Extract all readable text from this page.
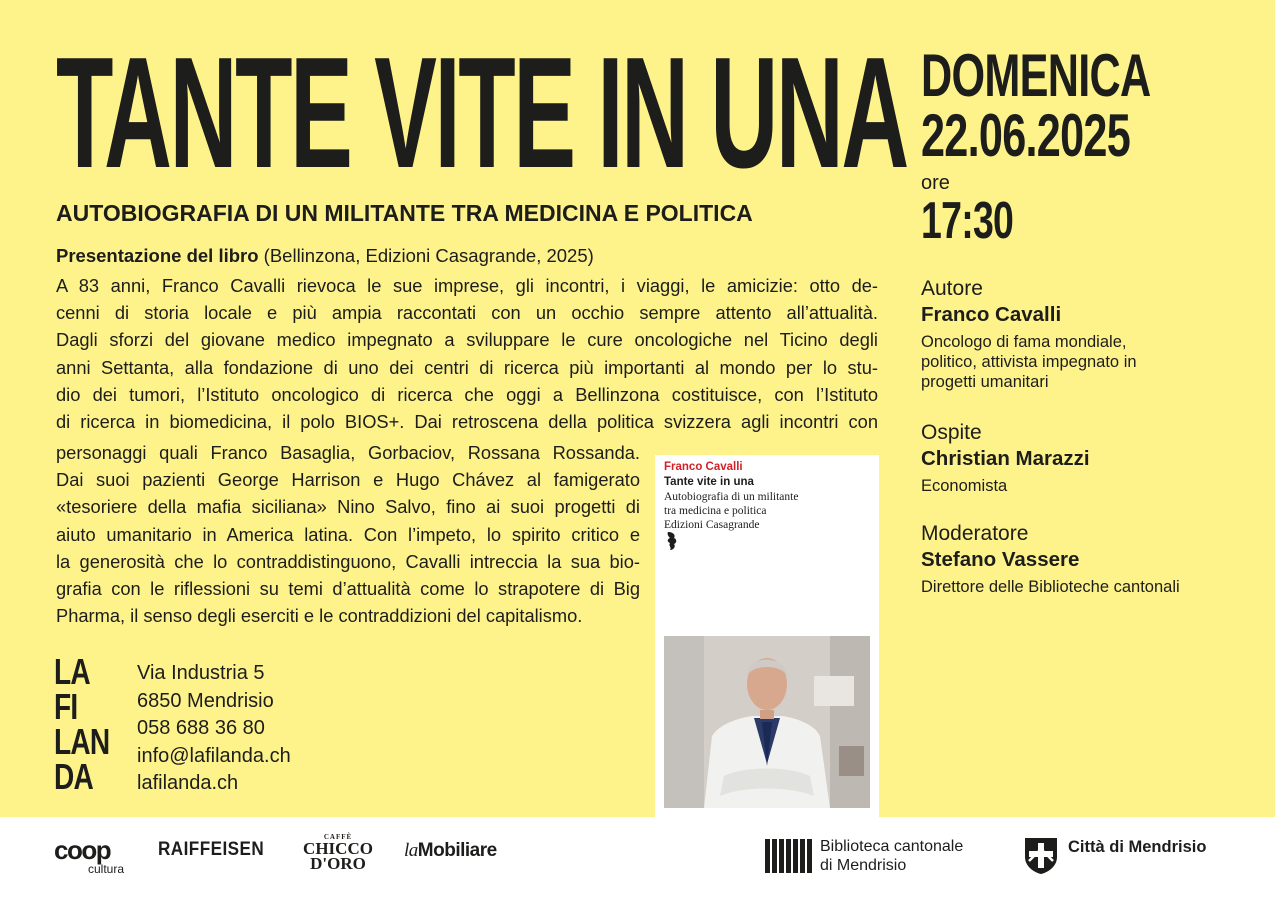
TANTE VITE IN UNA
AUTOBIOGRAFIA DI UN MILITANTE TRA MEDICINA E POLITICA
Presentazione del libro (Bellinzona, Edizioni Casagrande, 2025)

A 83 anni, Franco Cavalli rievoca le sue imprese, gli incontri, i viaggi, le amicizie: otto de-

cenni di storia locale e più ampia raccontati con un occhio sempre attento all’attualità.

Dagli sforzi del giovane medico impegnato a sviluppare le cure oncologiche nel Ticino degli

anni Settanta, alla fondazione di uno dei centri di ricerca più importanti al mondo per lo stu-

dio dei tumori, l’Istituto oncologico di ricerca che oggi a Bellinzona costituisce, con l’Istituto

di ricerca in biomedicina, il polo BIOS+. Dai retroscena della politica svizzera agli incontri con

personaggi quali Franco Basaglia, Gorbaciov, Rossana Rossanda.

Dai suoi pazienti George Harrison e Hugo Chávez al famigerato

«tesoriere della mafia siciliana» Nino Salvo, fino ai suoi progetti di

aiuto umanitario in America latina. Con l’impeto, lo spirito critico e

la generosità che lo contraddistinguono, Cavalli intreccia la sua bio-

grafia con le riflessioni su temi d’attualità come lo strapotere di Big

Pharma, il senso degli eserciti e le contraddizioni del capitalismo.

LA
FI
LAN
DA
Via Industria 5
6850 Mendrisio
058 688 36 80
info@lafilanda.ch
lafilanda.ch
Franco Cavalli
Tante vite in una
Autobiografia di un militante
tra medicina e politica
Edizioni Casagrande
DOMENICA
22.06.2025
ore
17:30
Autore
Franco Cavalli
Oncologo di fama mondiale,
politico, attivista impegnato in
progetti umanitari
Ospite
Christian Marazzi
Economista
Moderatore
Stefano Vassere
Direttore delle Biblioteche cantonali
coop
cultura
RAIFFEISEN
CAFFÈ
CHICCO
D'ORO
laMobiliare	Biblioteca cantonale
di Mendrisio
Città di Mendrisio
